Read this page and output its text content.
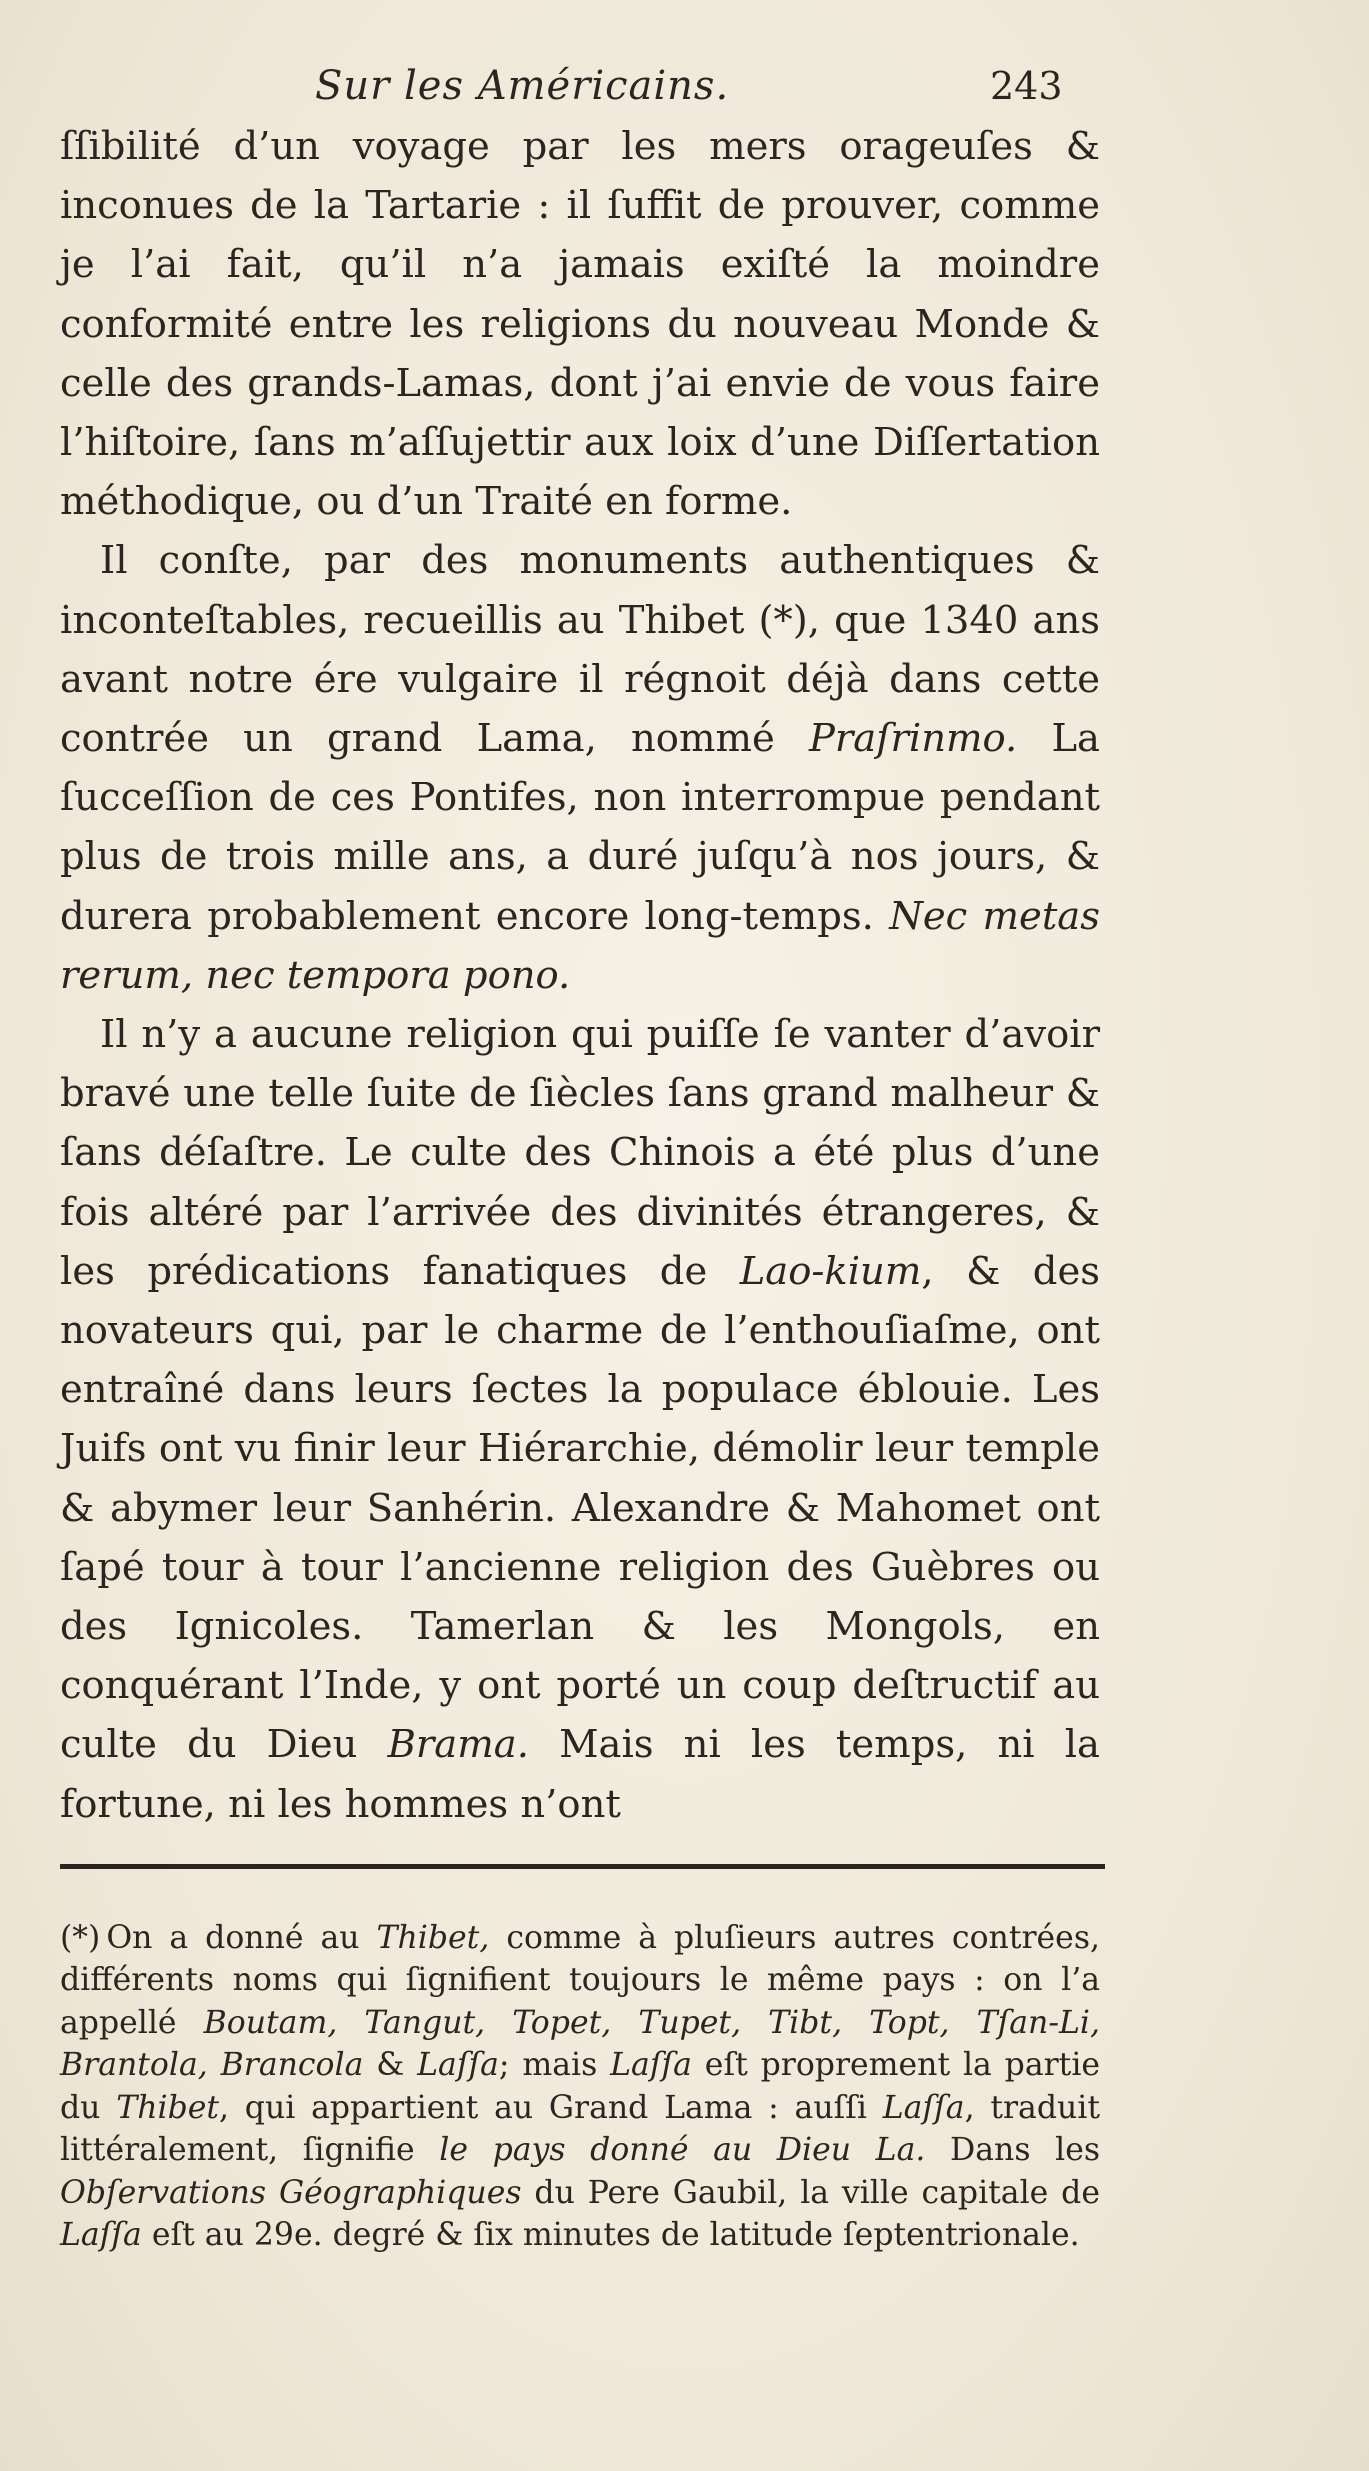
Sur les Américains.	243

ſſibilité d’un voyage par les mers orageuſes & inconues de la Tartarie : il ſuffit de prouver, comme je l’ai fait, qu’il n’a jamais exiſté la moindre conformité entre les religions du nouveau Monde & celle des grands-Lamas, dont j’ai envie de vous faire l’hiſtoire, ſans m’aſſujettir aux loix d’une Diſſertation méthodique, ou d’un Traité en forme.

Il conſte, par des monuments authentiques & inconteſtables, recueillis au Thibet (*), que 1340 ans avant notre ére vulgaire il régnoit déjà dans cette contrée un grand Lama, nommé Praſrinmo. La ſucceſſion de ces Pontifes, non interrompue pendant plus de trois mille ans, a duré juſqu’à nos jours, & durera probablement encore long-temps. Nec metas rerum, nec tempora pono.

Il n’y a aucune religion qui puiſſe ſe vanter d’avoir bravé une telle ſuite de ſiècles ſans grand malheur & ſans déſaſtre. Le culte des Chinois a été plus d’une fois altéré par l’arrivée des divinités étrangeres, & les prédications fanatiques de Lao-kium, & des novateurs qui, par le charme de l’enthouſiaſme, ont entraîné dans leurs ſectes la populace éblouie. Les Juifs ont vu finir leur Hiérarchie, démolir leur temple & abymer leur Sanhérin. Alexandre & Mahomet ont ſapé tour à tour l’ancienne religion des Guèbres ou des Ignicoles. Tamerlan & les Mongols, en conquérant l’Inde, y ont porté un coup deſtructif au culte du Dieu Brama. Mais ni les temps, ni la fortune, ni les hommes n’ont

(*) On a donné au Thibet, comme à pluſieurs autres contrées, différents noms qui ſignifient toujours le même pays : on l’a appellé Boutam, Tangut, Topet, Tupet, Tibt, Topt, Tſan-Li, Brantola, Brancola & Laſſa; mais Laſſa eſt proprement la partie du Thibet, qui appartient au Grand Lama : auſſi Laſſa, traduit littéralement, ſignifie le pays donné au Dieu La. Dans les Obſervations Géographiques du Pere Gaubil, la ville capitale de Laſſa eſt au 29e. degré & ſix minutes de latitude ſeptentrionale.
